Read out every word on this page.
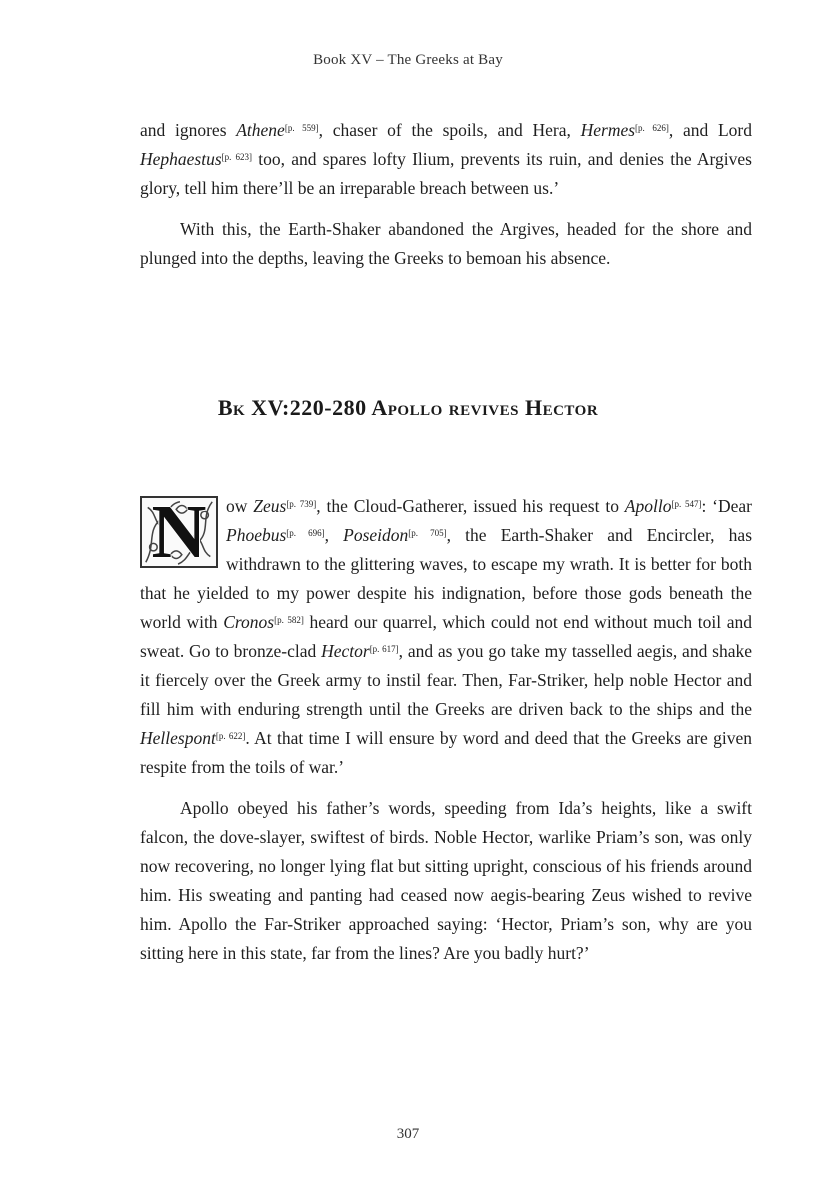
Book XV – The Greeks at Bay

and ignores Athene[p. 559], chaser of the spoils, and Hera, Hermes[p. 626], and Lord Hephaestus[p. 623] too, and spares lofty Ilium, prevents its ruin, and denies the Argives glory, tell him there’ll be an irreparable breach between us.’

With this, the Earth-Shaker abandoned the Argives, headed for the shore and plunged into the depths, leaving the Greeks to bemoan his absence.

Bk XV:220-280 Apollo revives Hector

N	ow Zeus[p. 739], the Cloud-Gatherer, issued his request to Apollo[p. 547]: ‘Dear Phoebus[p. 696], Poseidon[p. 705], the Earth-Shaker and Encircler, has withdrawn to the glittering waves, to escape my wrath. It is better for both that he yielded to my power despite his indignation, before those gods beneath the world with Cronos[p. 582] heard our quarrel, which could not end without much toil and sweat. Go to bronze-clad Hector[p. 617], and as you go take my tasselled aegis, and shake it fiercely over the Greek army to instil fear. Then, Far-Striker, help noble Hector and fill him with enduring strength until the Greeks are driven back to the ships and the Hellespont[p. 622]. At that time I will ensure by word and deed that the Greeks are given respite from the toils of war.’

Apollo obeyed his father’s words, speeding from Ida’s heights, like a swift falcon, the dove-slayer, swiftest of birds. Noble Hector, warlike Priam’s son, was only now recovering, no longer lying flat but sitting upright, conscious of his friends around him. His sweating and panting had ceased now aegis-bearing Zeus wished to revive him. Apollo the Far-Striker approached saying: ‘Hector, Priam’s son, why are you sitting here in this state, far from the lines? Are you badly hurt?’

307
